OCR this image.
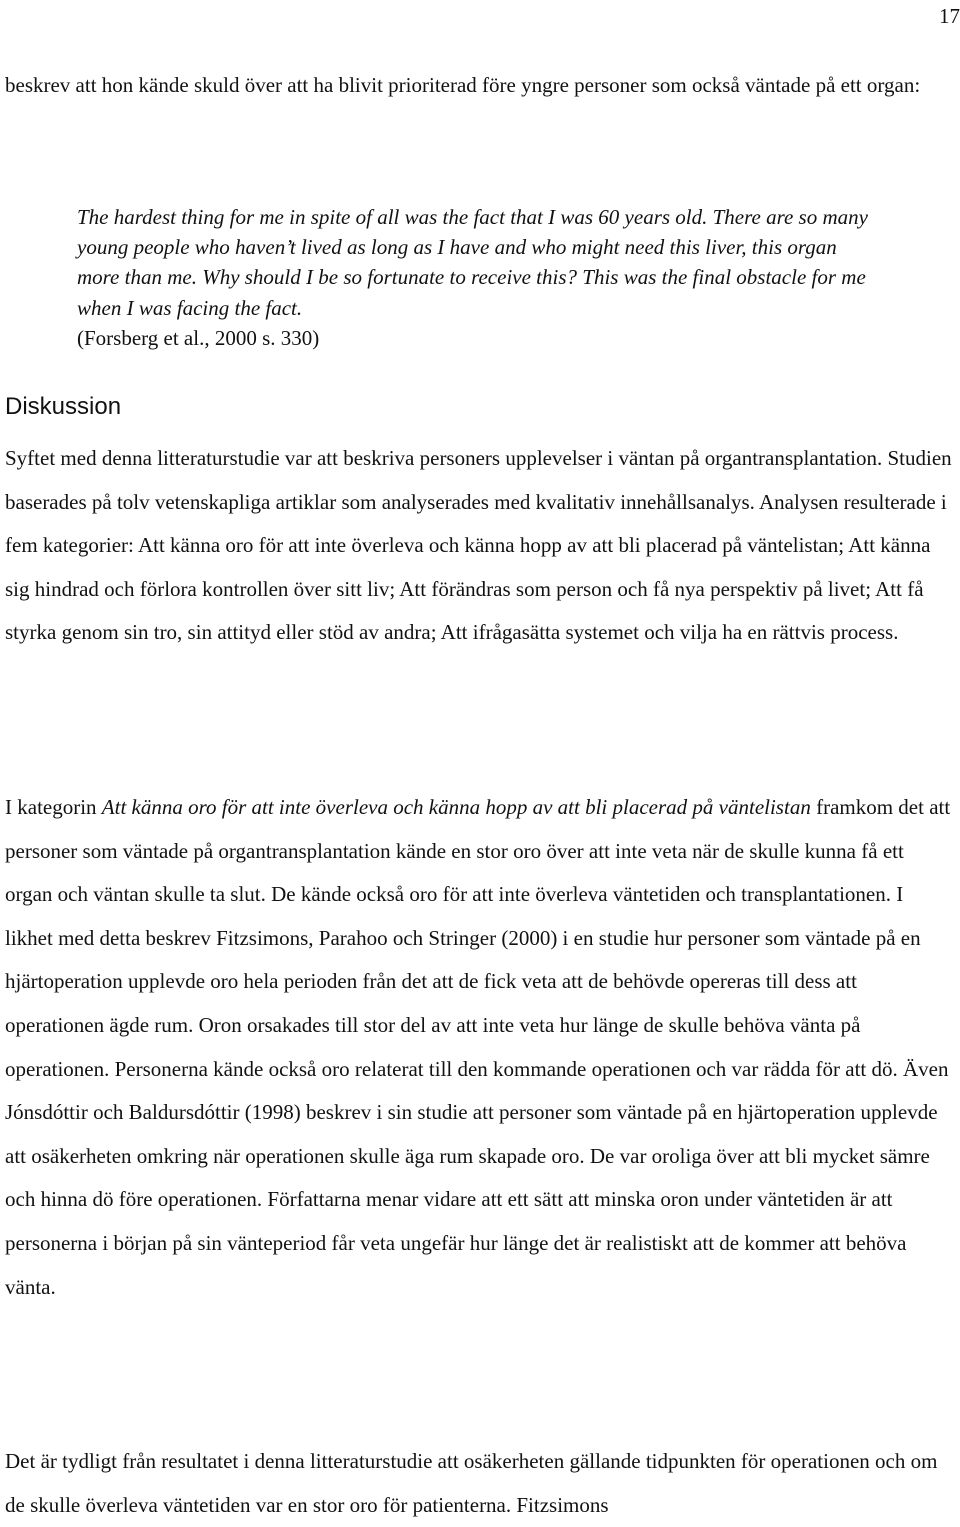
17

beskrev att hon kände skuld över att ha blivit prioriterad före yngre personer som också väntade på ett organ:

The hardest thing for me in spite of all was the fact that I was 60 years old. There are so many young people who haven’t lived as long as I have and who might need this liver, this organ more than me. Why should I be so fortunate to receive this? This was the final obstacle for me when I was facing the fact.
(Forsberg et al., 2000 s. 330)

Diskussion

Syftet med denna litteraturstudie var att beskriva personers upplevelser i väntan på organtransplantation. Studien baserades på tolv vetenskapliga artiklar som analyserades med kvalitativ innehållsanalys. Analysen resulterade i fem kategorier: Att känna oro för att inte överleva och känna hopp av att bli placerad på väntelistan; Att känna sig hindrad och förlora kontrollen över sitt liv; Att förändras som person och få nya perspektiv på livet; Att få styrka genom sin tro, sin attityd eller stöd av andra; Att ifrågasätta systemet och vilja ha en rättvis process.

I kategorin Att känna oro för att inte överleva och känna hopp av att bli placerad på väntelistan framkom det att personer som väntade på organtransplantation kände en stor oro över att inte veta när de skulle kunna få ett organ och väntan skulle ta slut. De kände också oro för att inte överleva väntetiden och transplantationen. I likhet med detta beskrev Fitzsimons, Parahoo och Stringer (2000) i en studie hur personer som väntade på en hjärtoperation upplevde oro hela perioden från det att de fick veta att de behövde opereras till dess att operationen ägde rum. Oron orsakades till stor del av att inte veta hur länge de skulle behöva vänta på operationen. Personerna kände också oro relaterat till den kommande operationen och var rädda för att dö. Även Jónsdóttir och Baldursdóttir (1998) beskrev i sin studie att personer som väntade på en hjärtoperation upplevde att osäkerheten omkring när operationen skulle äga rum skapade oro. De var oroliga över att bli mycket sämre och hinna dö före operationen. Författarna menar vidare att ett sätt att minska oron under väntetiden är att personerna i början på sin vänteperiod får veta ungefär hur länge det är realistiskt att de kommer att behöva vänta.

Det är tydligt från resultatet i denna litteraturstudie att osäkerheten gällande tidpunkten för operationen och om de skulle överleva väntetiden var en stor oro för patienterna. Fitzsimons
